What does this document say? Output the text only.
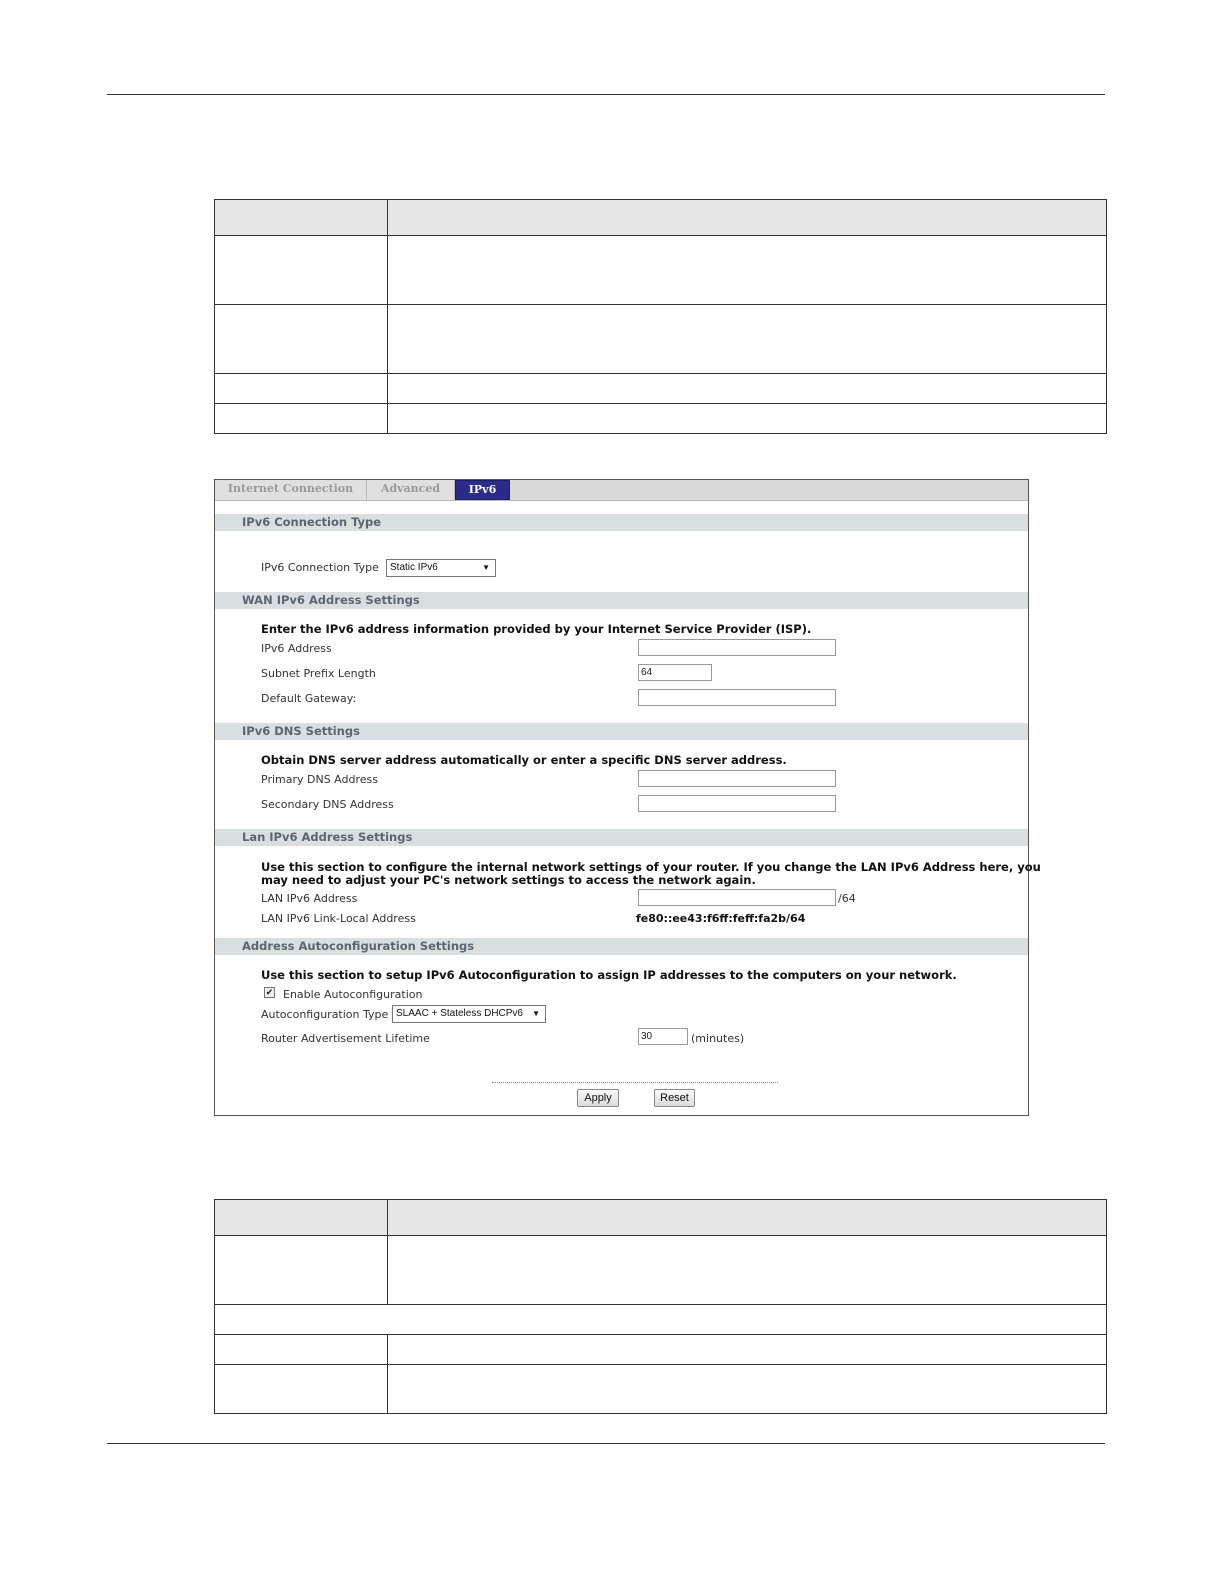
Internet Connection	Advanced	IPv6
IPv6 Connection Type
IPv6 Connection Type	Static IPv6	▼
WAN IPv6 Address Settings
Enter the IPv6 address information provided by your Internet Service Provider (ISP).
IPv6 Address
Subnet Prefix Length	64
Default Gateway:
IPv6 DNS Settings
Obtain DNS server address automatically or enter a specific DNS server address.
Primary DNS Address
Secondary DNS Address
Lan IPv6 Address Settings
Use this section to configure the internal network settings of your router. If you change the LAN IPv6 Address here, you
may need to adjust your PC's network settings to access the network again.
LAN IPv6 Address	/64
LAN IPv6 Link-Local Address	fe80::ee43:f6ff:feff:fa2b/64
Address Autoconfiguration Settings
Use this section to setup IPv6 Autoconfiguration to assign IP addresses to the computers on your network.
✔ Enable Autoconfiguration
Autoconfiguration Type SLAAC + Stateless DHCPv6 ▼
Router Advertisement Lifetime	30	(minutes)
Apply	Reset
